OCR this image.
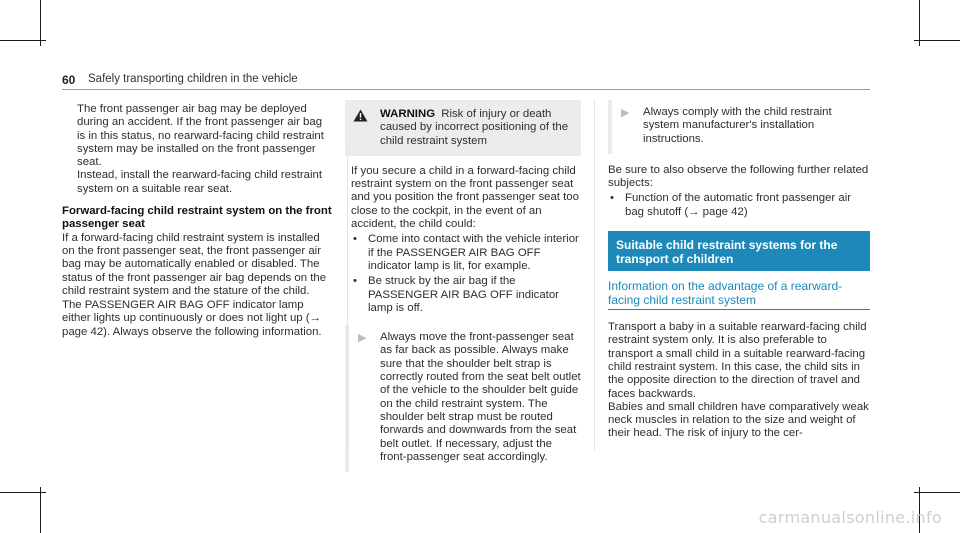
60 Safely transporting children in the vehicle

The front passenger air bag may be deployed during an accident. If the front passenger air bag is in this status, no rearward-facing child restraint system may be installed on the front passenger seat.

Instead, install the rearward-facing child restraint system on a suitable rear seat.

Forward-facing child restraint system on the front passenger seat

If a forward-facing child restraint system is installed on the front passenger seat, the front passenger air bag may be automatically enabled or disabled. The status of the front passenger air bag depends on the child restraint system and the stature of the child.

The PASSENGER AIR BAG OFF indicator lamp either lights up continuously or does not light up (→ page 42). Always observe the following information.

WARNING Risk of injury or death caused by incorrect positioning of the child restraint system

If you secure a child in a forward-facing child restraint system on the front passenger seat and you position the front passenger seat too close to the cockpit, in the event of an accident, the child could:

• Come into contact with the vehicle interior if the PASSENGER AIR BAG OFF indicator lamp is lit, for example.
• Be struck by the air bag if the PASSENGER AIR BAG OFF indicator lamp is off.
▶	Always move the front-passenger seat as far back as possible. Always make sure that the shoulder belt strap is correctly routed from the seat belt outlet of the vehicle to the shoulder belt guide on the child restraint system. The shoulder belt strap must be routed forwards and downwards from the seat belt outlet. If necessary, adjust the front-passenger seat accordingly.
▶	Always comply with the child restraint system manufacturer's installation instructions.

Be sure to also observe the following further related subjects:

• Function of the automatic front passenger air bag shutoff (→ page 42)
Suitable child restraint systems for the transport of children
Information on the advantage of a rearward-facing child restraint system

Transport a baby in a suitable rearward-facing child restraint system only. It is also preferable to transport a small child in a suitable rearward-facing child restraint system. In this case, the child sits in the opposite direction to the direction of travel and faces backwards.

Babies and small children have comparatively weak neck muscles in relation to the size and weight of their head. The risk of injury to the cer-

carmanualsonline.info
